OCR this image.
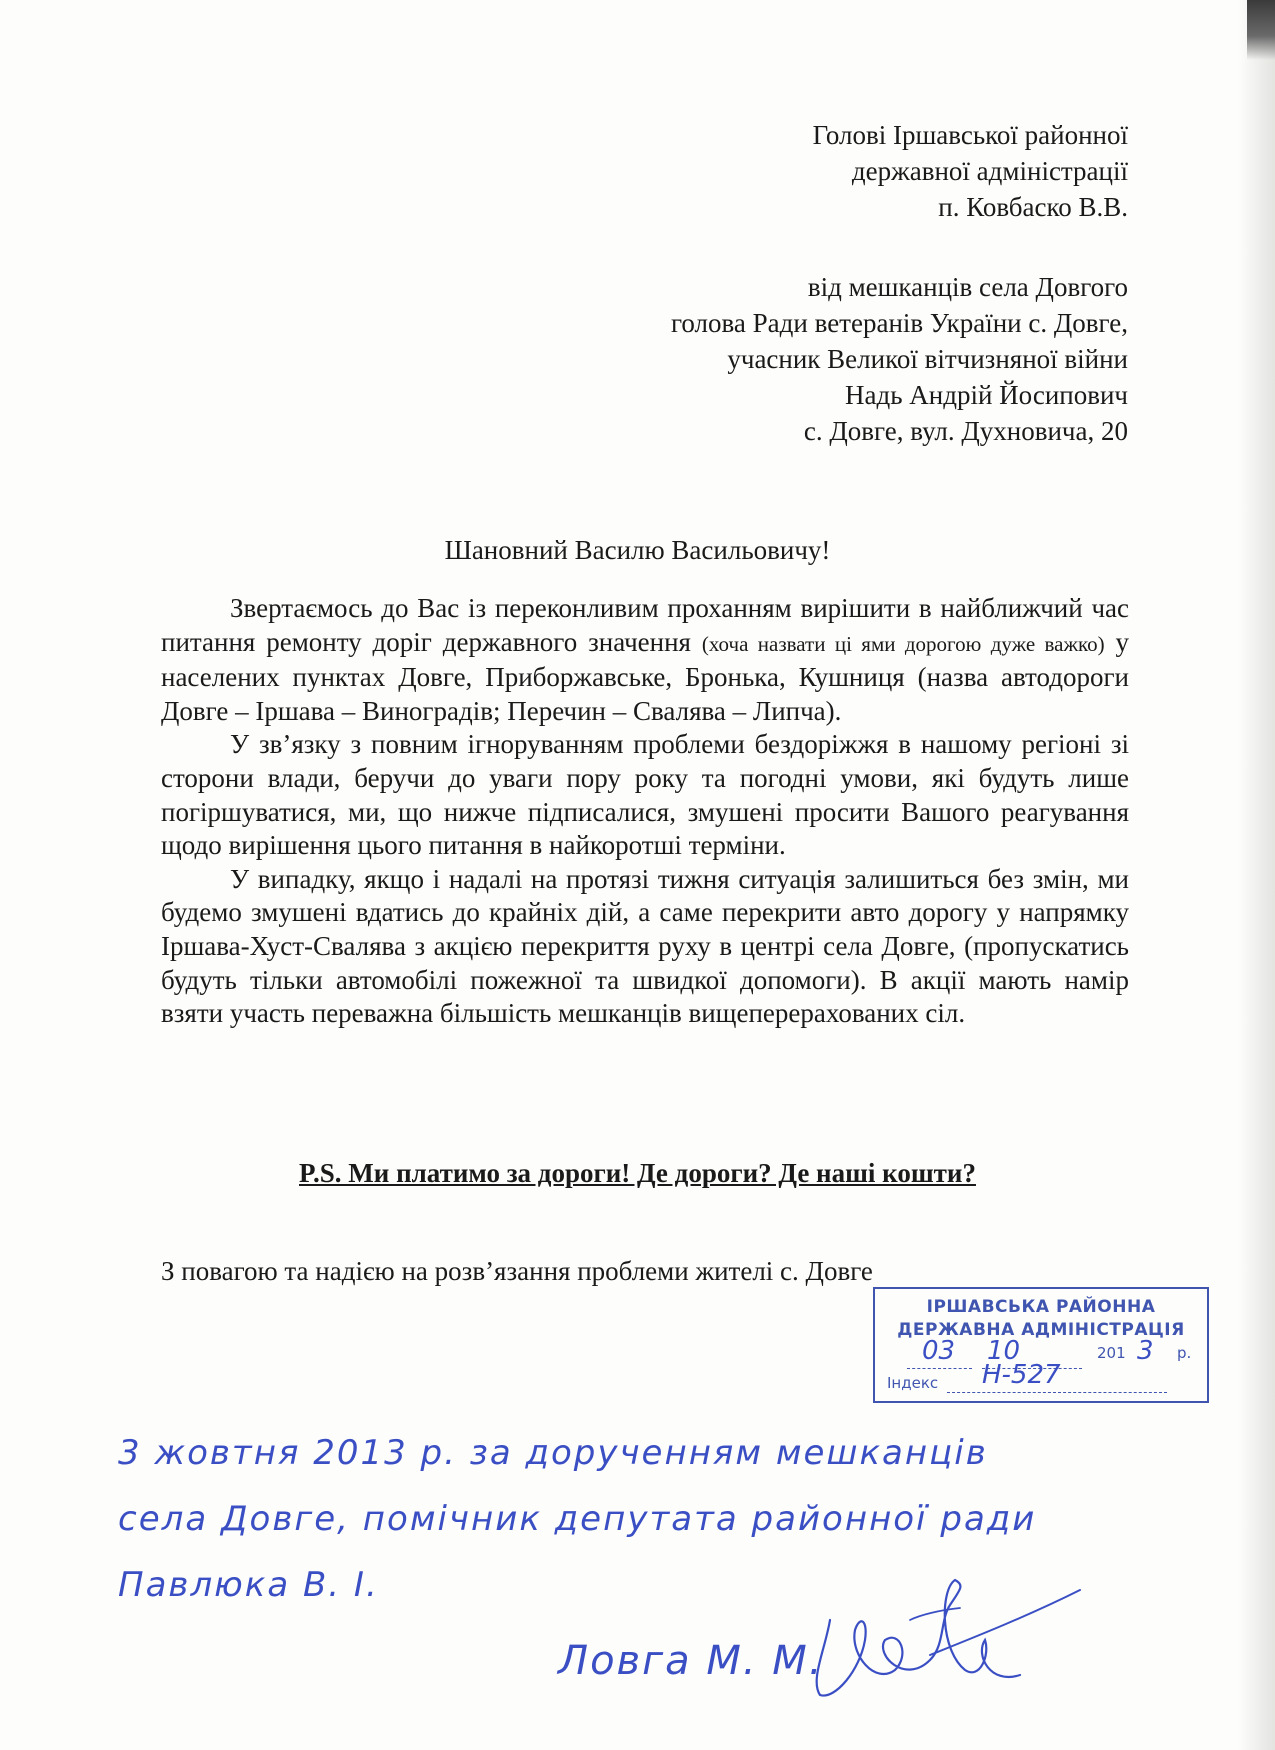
Голові Іршавської районної
державної адміністрації
п. Ковбаско В.В.
від мешканців села Довгого
голова Ради ветеранів України с. Довге,
учасник Великої вітчизняної війни
Надь Андрій Йосипович
с. Довге, вул. Духновича, 20
Шановний Василю Васильовичу!

Звертаємось до Вас із переконливим проханням вирішити в найближчий час питання ремонту доріг державного значення (хоча назвати ці ями дорогою дуже важко) у населених пунктах Довге, Приборжавське, Бронька, Кушниця (назва автодороги Довге – Іршава – Виноградів; Перечин – Свалява – Липча).

У зв’язку з повним ігноруванням проблеми бездоріжжя в нашому регіоні зі сторони влади, беручи до уваги пору року та погодні умови, які будуть лише погіршуватися, ми, що нижче підписалися, змушені просити Вашого реагування щодо вирішення цього питання в найкоротші терміни.

У випадку, якщо і надалі на протязі тижня ситуація залишиться без змін, ми будемо змушені вдатись до крайніх дій, а саме перекрити авто дорогу у напрямку Іршава-Хуст-Свалява з акцією перекриття руху в центрі села Довге, (пропускатись будуть тільки автомобілі пожежної та швидкої допомоги). В акції мають намір взяти участь переважна більшість мешканців вищеперерахованих сіл.

P.S. Ми платимо за дороги! Де дороги? Де наші кошти?
З повагою та надією на розв’язання проблеми жителі с. Довге
ІРШАВСЬКА РАЙОННА
ДЕРЖАВНА АДМІНІСТРАЦІЯ
03 10	201 3 р.
Індекс Н-527
3 жовтня 2013 р. за дорученням мешканців
села Довге, помічник депутата районної ради
Павлюка В. І.
Ловга М. М.
